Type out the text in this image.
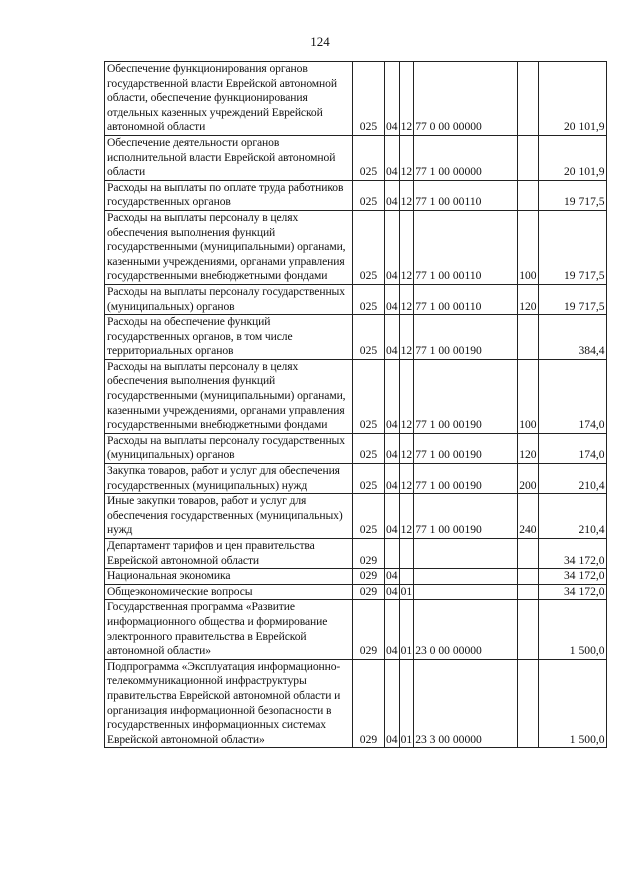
124
Обеспечение функционирования органов государственной власти Еврейской автономной области, обеспечение функционирования отдельных казенных учреждений Еврейской автономной области	025	04	12	77 0 00 00000		20 101,9
Обеспечение деятельности органов исполнительной власти Еврейской автономной области	025	04	12	77 1 00 00000		20 101,9
Расходы на выплаты по оплате труда работников государственных органов	025	04	12	77 1 00 00110		19 717,5
Расходы на выплаты персоналу в целях обеспечения выполнения функций государственными (муниципальными) органами, казенными учреждениями, органами управления государственными внебюджетными фондами	025	04	12	77 1 00 00110	100	19 717,5
Расходы на выплаты персоналу государственных (муниципальных) органов	025	04	12	77 1 00 00110	120	19 717,5
Расходы на обеспечение функций государственных органов, в том числе территориальных органов	025	04	12	77 1 00 00190		384,4
Расходы на выплаты персоналу в целях обеспечения выполнения функций государственными (муниципальными) органами, казенными учреждениями, органами управления государственными внебюджетными фондами	025	04	12	77 1 00 00190	100	174,0
Расходы на выплаты персоналу государственных (муниципальных) органов	025	04	12	77 1 00 00190	120	174,0
Закупка товаров, работ и услуг для обеспечения государственных (муниципальных) нужд	025	04	12	77 1 00 00190	200	210,4
Иные закупки товаров, работ и услуг для обеспечения государственных (муниципальных) нужд	025	04	12	77 1 00 00190	240	210,4
Департамент тарифов и цен правительства Еврейской автономной области	029					34 172,0
Национальная экономика	029	04				34 172,0
Общеэкономические вопросы	029	04	01			34 172,0
Государственная программа «Развитие информационного общества и формирование электронного правительства в Еврейской автономной области»	029	04	01	23 0 00 00000		1 500,0
Подпрограмма «Эксплуатация информационно-телекоммуникационной инфраструктуры правительства Еврейской автономной области и организация информационной безопасности в государственных информационных системах Еврейской автономной области»	029	04	01	23 3 00 00000		1 500,0
